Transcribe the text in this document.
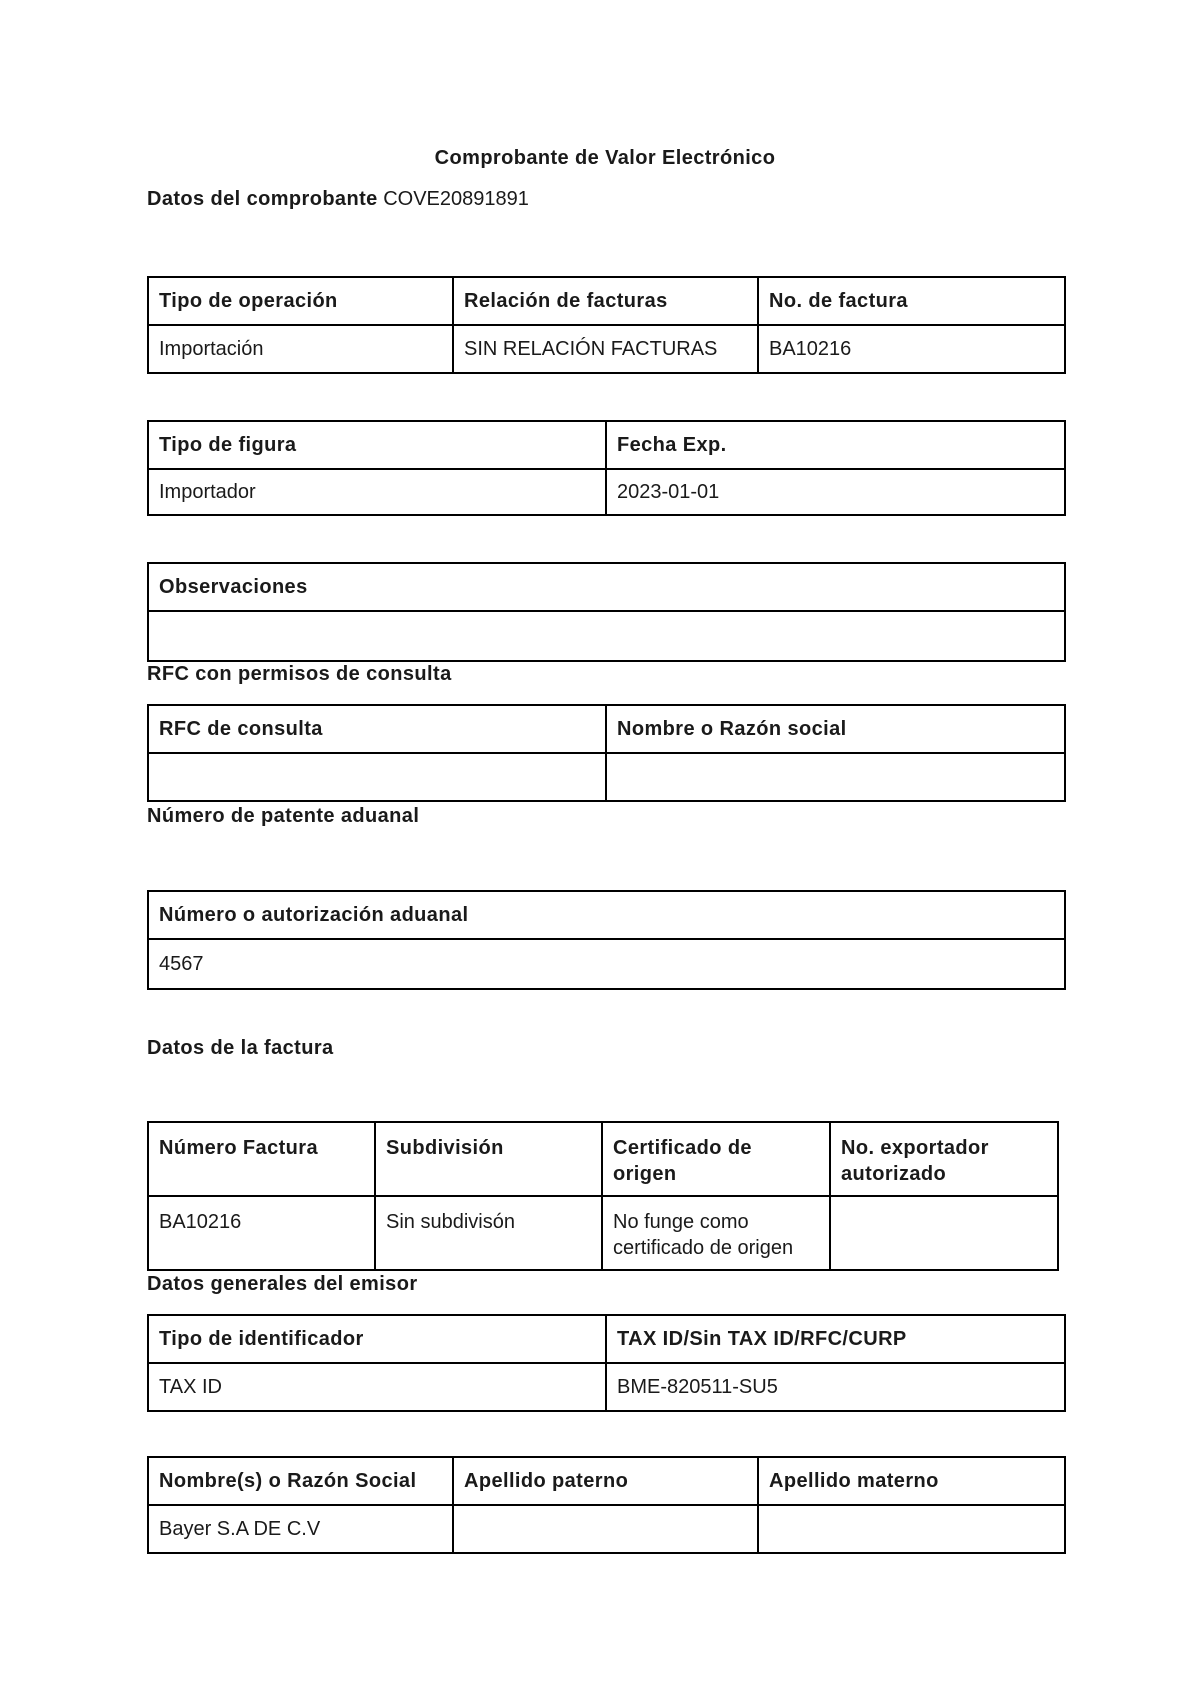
Comprobante de Valor Electrónico
Datos del comprobante COVE20891891
Tipo de operación	Relación de facturas	No. de factura
Importación	SIN RELACIÓN FACTURAS	BA10216
Tipo de figura	Fecha Exp.
Importador	2023-01-01
Observaciones

RFC con permisos de consulta
RFC de consulta	Nombre o Razón social

Número de patente aduanal
Número o autorización aduanal
4567
Datos de la factura
Número Factura	Subdivisión	Certificado de origen	No. exportador autorizado
BA10216	Sin subdivisón	No funge como certificado de origen	
Datos generales del emisor
Tipo de identificador	TAX ID/Sin TAX ID/RFC/CURP
TAX ID	BME-820511-SU5
Nombre(s) o Razón Social	Apellido paterno	Apellido materno
Bayer S.A DE C.V		
